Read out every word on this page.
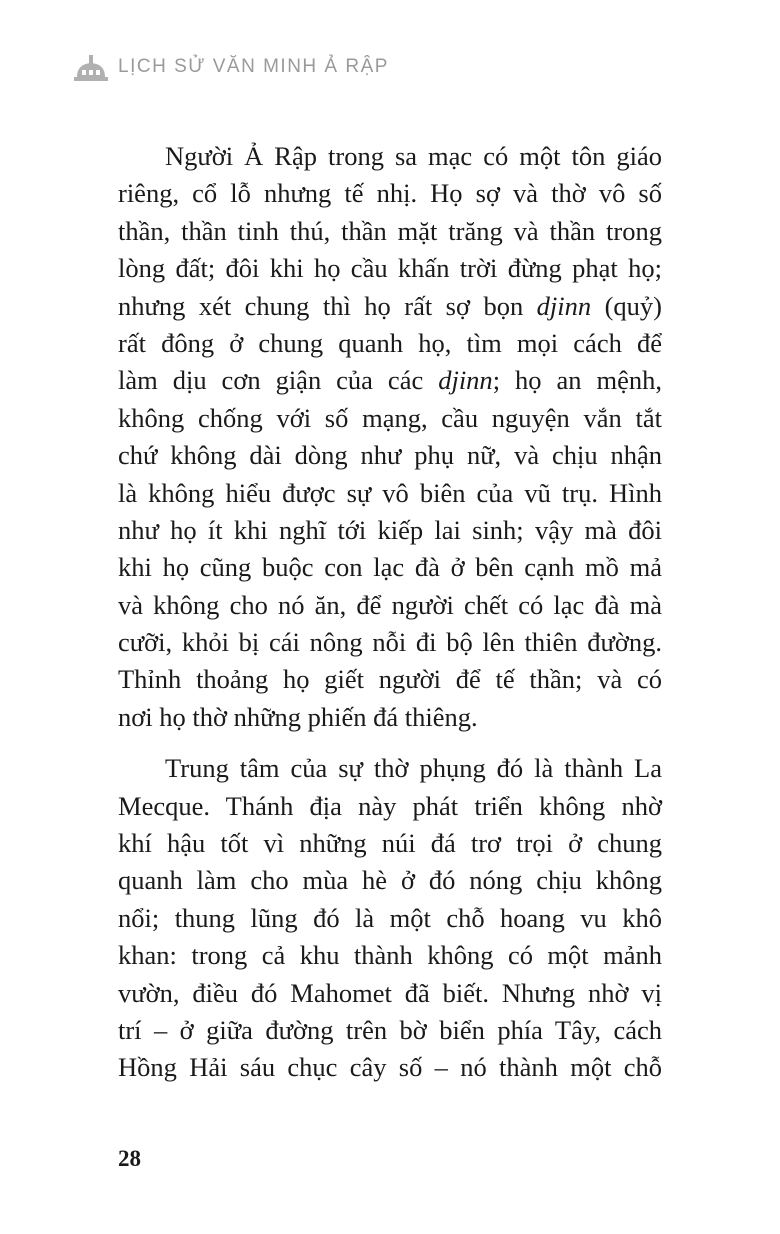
LỊCH SỬ VĂN MINH Ả RẬP
Người Ả Rập trong sa mạc có một tôn giáo
riêng, cổ lỗ nhưng tế nhị. Họ sợ và thờ vô số
thần, thần tinh thú, thần mặt trăng và thần trong
lòng đất; đôi khi họ cầu khấn trời đừng phạt họ;
nhưng xét chung thì họ rất sợ bọn djinn (quỷ)
rất đông ở chung quanh họ, tìm mọi cách để
làm dịu cơn giận của các djinn; họ an mệnh,
không chống với số mạng, cầu nguyện vắn tắt
chứ không dài dòng như phụ nữ, và chịu nhận
là không hiểu được sự vô biên của vũ trụ. Hình
như họ ít khi nghĩ tới kiếp lai sinh; vậy mà đôi
khi họ cũng buộc con lạc đà ở bên cạnh mồ mả
và không cho nó ăn, để người chết có lạc đà mà
cưỡi, khỏi bị cái nông nỗi đi bộ lên thiên đường.
Thỉnh thoảng họ giết người để tế thần; và có
nơi họ thờ những phiến đá thiêng.
Trung tâm của sự thờ phụng đó là thành La
Mecque. Thánh địa này phát triển không nhờ
khí hậu tốt vì những núi đá trơ trọi ở chung
quanh làm cho mùa hè ở đó nóng chịu không
nổi; thung lũng đó là một chỗ hoang vu khô
khan: trong cả khu thành không có một mảnh
vườn, điều đó Mahomet đã biết. Nhưng nhờ vị
trí – ở giữa đường trên bờ biển phía Tây, cách
Hồng Hải sáu chục cây số – nó thành một chỗ
28
